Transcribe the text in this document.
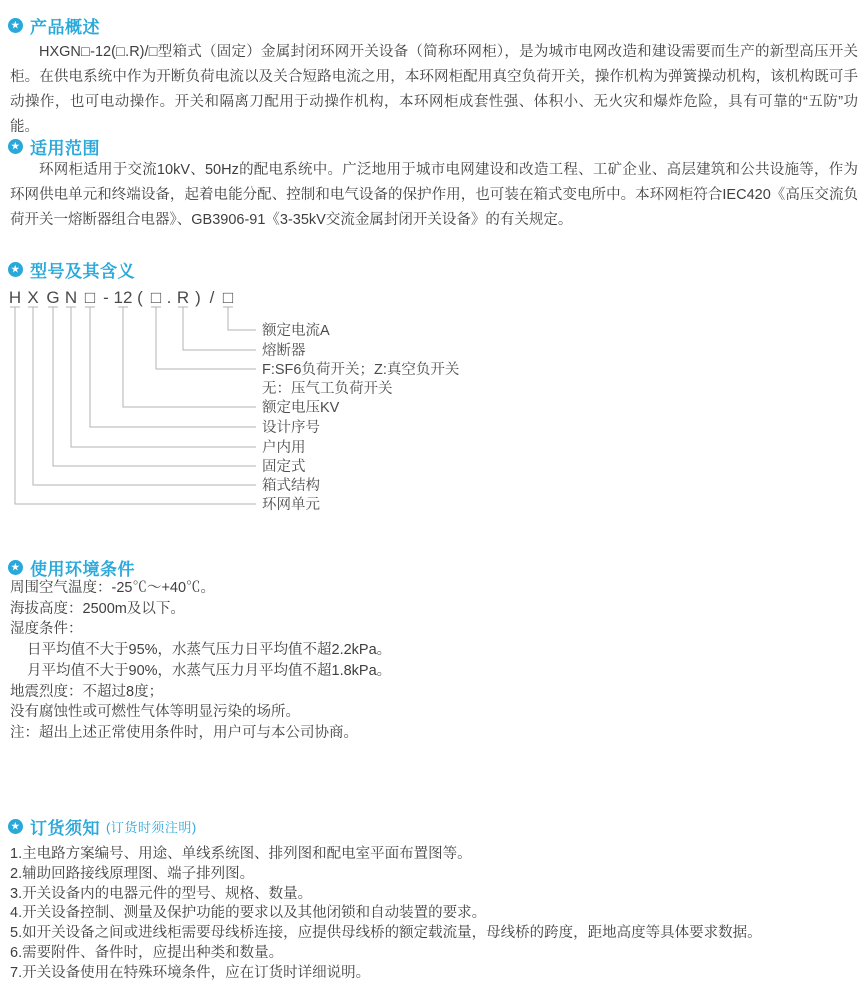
★ 产品概述

HXGN□-12(□.R)/□型箱式（固定）金属封闭环网开关设备（简称环网柜），是为城市电网改造和建设需要而生产的新型高压开关柜。在供电系统中作为开断负荷电流以及关合短路电流之用，本环网柜配用真空负荷开关，操作机构为弹簧操动机构，该机构既可手动操作，也可电动操作。开关和隔离刀配用于动操作机构，本环网柜成套性强、体积小、无火灾和爆炸危险，具有可靠的“五防”功能。

★ 适用范围

环网柜适用于交流10kV、50Hz的配电系统中。广泛地用于城市电网建设和改造工程、工矿企业、高层建筑和公共设施等，作为环网供电单元和终端设备，起着电能分配、控制和电气设备的保护作用，也可装在箱式变电所中。本环网柜符合IEC420《高压交流负荷开关一熔断器组合电器》、GB3906-91《3-35kV交流金属封闭开关设备》的有关规定。

★ 型号及其含义
H X G N □ - 12 ( □ . R ) / □
额定电流A
熔断器
F:SF6负荷开关；Z:真空负开关
无：压气工负荷开关
额定电压KV
设计序号
户内用
固定式
箱式结构
环网单元
★ 使用环境条件
周围空气温度：-25℃～+40℃。
海拔高度：2500m及以下。
湿度条件：
日平均值不大于95%，水蒸气压力日平均值不超2.2kPa。
月平均值不大于90%，水蒸气压力月平均值不超1.8kPa。
地震烈度：不超过8度；
没有腐蚀性或可燃性气体等明显污染的场所。
注：超出上述正常使用条件时，用户可与本公司协商。
★ 订货须知 (订货时须注明)
1.主电路方案编号、用途、单线系统图、排列图和配电室平面布置图等。
2.辅助回路接线原理图、端子排列图。
3.开关设备内的电器元件的型号、规格、数量。
4.开关设备控制、测量及保护功能的要求以及其他闭锁和自动装置的要求。
5.如开关设备之间或进线柜需要母线桥连接，应提供母线桥的额定载流量，母线桥的跨度，距地高度等具体要求数据。
6.需要附件、备件时，应提出种类和数量。
7.开关设备使用在特殊环境条件，应在订货时详细说明。
